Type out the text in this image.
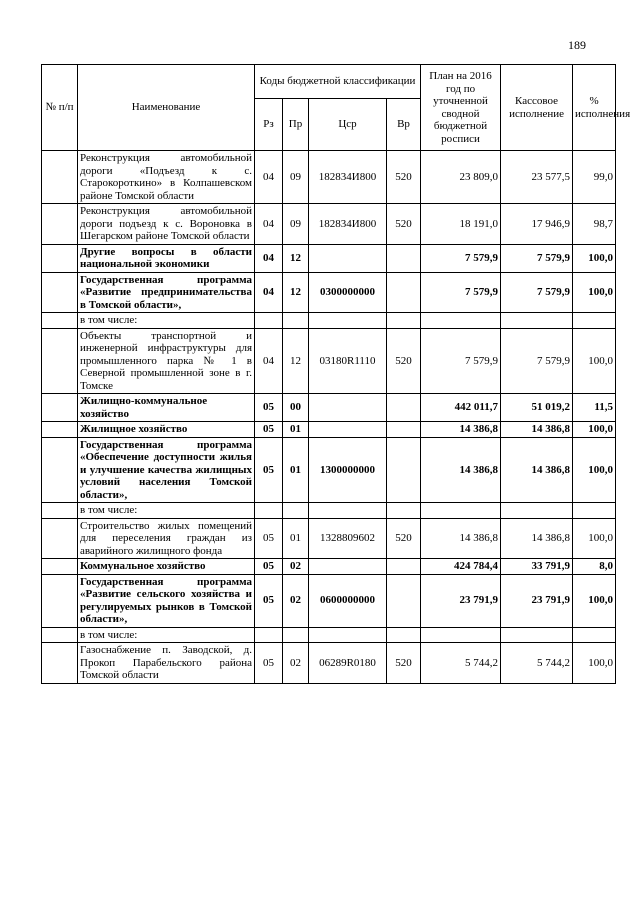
189
№ п/п	Наименование	Коды бюджетной классификации				План на 2016 год по уточненной сводной бюджетной росписи	Кассовое исполнение	% исполнения
		Рз	Пр	Цср	Вр			
	Реконструкция автомобильной дороги «Подъезд к с. Старокороткино» в Колпашевском районе Томской области	04	09	182834И800	520	23 809,0	23 577,5	99,0
	Реконструкция автомобильной дороги подъезд к с. Вороновка в Шегарском районе Томской области	04	09	182834И800	520	18 191,0	17 946,9	98,7
	Другие вопросы в области национальной экономики	04	12			7 579,9	7 579,9	100,0
	Государственная программа «Развитие предпринимательства в Томской области»,	04	12	0300000000		7 579,9	7 579,9	100,0
	в том числе:							
	Объекты транспортной и инженерной инфраструктуры для промышленного парка № 1 в Северной промышленной зоне в г. Томске	04	12	03180R1110	520	7 579,9	7 579,9	100,0
	Жилищно-коммунальное хозяйство	05	00			442 011,7	51 019,2	11,5
	Жилищное хозяйство	05	01			14 386,8	14 386,8	100,0
	Государственная программа «Обеспечение доступности жилья и улучшение качества жилищных условий населения Томской области»,	05	01	1300000000		14 386,8	14 386,8	100,0
	в том числе:							
	Строительство жилых помещений для переселения граждан из аварийного жилищного фонда	05	01	1328809602	520	14 386,8	14 386,8	100,0
	Коммунальное хозяйство	05	02			424 784,4	33 791,9	8,0
	Государственная программа «Развитие сельского хозяйства и регулируемых рынков в Томской области»,	05	02	0600000000		23 791,9	23 791,9	100,0
	в том числе:							
	Газоснабжение п. Заводской, д. Прокоп Парабельского района Томской области	05	02	06289R0180	520	5 744,2	5 744,2	100,0
